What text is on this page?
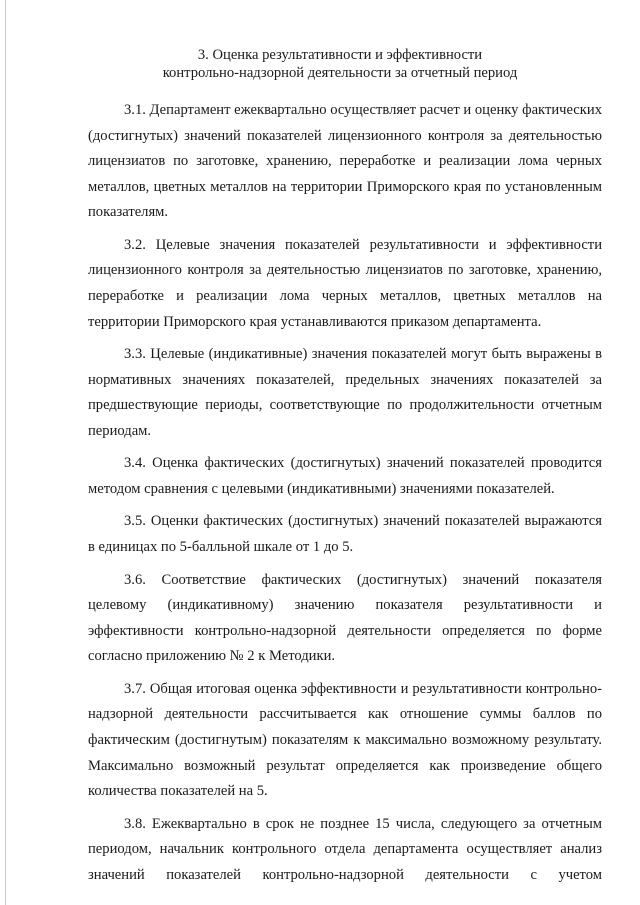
3. Оценка результативности и эффективности
контрольно-надзорной деятельности за отчетный период

3.1. Департамент ежеквартально осуществляет расчет и оценку фактических (достигнутых) значений показателей лицензионного контроля за деятельностью лицензиатов по заготовке, хранению, переработке и реализации лома черных металлов, цветных металлов на территории Приморского края по установленным показателям.

3.2. Целевые значения показателей результативности и эффективности лицензионного контроля за деятельностью лицензиатов по заготовке, хранению, переработке и реализации лома черных металлов, цветных металлов на территории Приморского края устанавливаются приказом департамента.

3.3. Целевые (индикативные) значения показателей могут быть выражены в нормативных значениях показателей, предельных значениях показателей за предшествующие периоды, соответствующие по продолжительности отчетным периодам.

3.4. Оценка фактических (достигнутых) значений показателей проводится методом сравнения с целевыми (индикативными) значениями показателей.

3.5. Оценки фактических (достигнутых) значений показателей выражаются в единицах по 5-балльной шкале от 1 до 5.

3.6. Соответствие фактических (достигнутых) значений показателя целевому (индикативному) значению показателя результативности и эффективности контрольно-надзорной деятельности определяется по форме согласно приложению № 2 к Методики.

3.7. Общая итоговая оценка эффективности и результативности контрольно-надзорной деятельности рассчитывается как отношение суммы баллов по фактическим (достигнутым) показателям к максимально возможному результату. Максимально возможный результат определяется как произведение общего количества показателей на 5.

3.8. Ежеквартально в срок не позднее 15 числа, следующего за отчетным периодом, начальник контрольного отдела департамента осуществляет анализ значений показателей контрольно-надзорной деятельности с учетом
